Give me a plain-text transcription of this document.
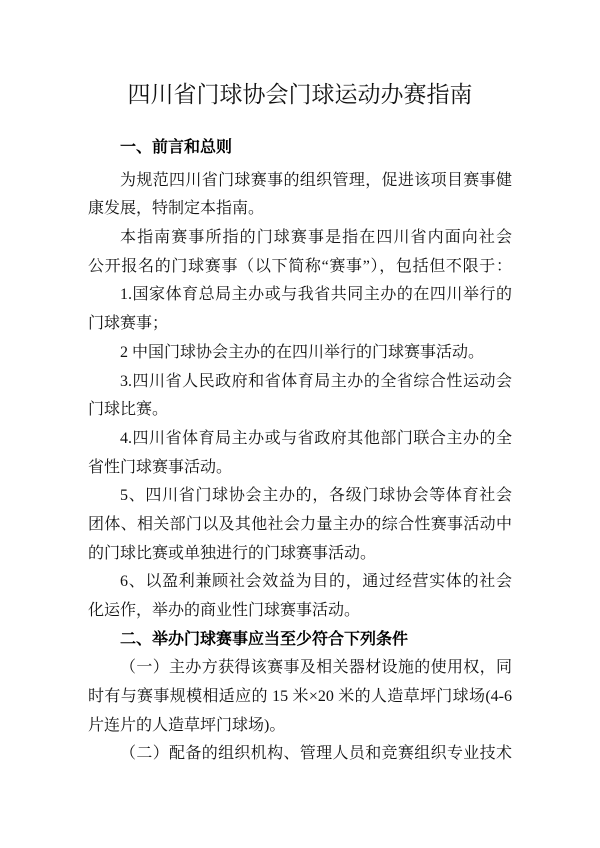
四川省门球协会门球运动办赛指南
一、前言和总则
为规范四川省门球赛事的组织管理，促进该项目赛事健
康发展，特制定本指南。
本指南赛事所指的门球赛事是指在四川省内面向社会
公开报名的门球赛事（以下简称“赛事”），包括但不限于：
1.国家体育总局主办或与我省共同主办的在四川举行的
门球赛事；
2 中国门球协会主办的在四川举行的门球赛事活动。
3.四川省人民政府和省体育局主办的全省综合性运动会
门球比赛。
4.四川省体育局主办或与省政府其他部门联合主办的全
省性门球赛事活动。
5、四川省门球协会主办的，各级门球协会等体育社会
团体、相关部门以及其他社会力量主办的综合性赛事活动中
的门球比赛或单独进行的门球赛事活动。
6、以盈利兼顾社会效益为目的，通过经营实体的社会
化运作，举办的商业性门球赛事活动。
二、举办门球赛事应当至少符合下列条件
（一）主办方获得该赛事及相关器材设施的使用权，同
时有与赛事规模相适应的 15 米×20 米的人造草坪门球场(4-6
片连片的人造草坪门球场)。
（二）配备的组织机构、管理人员和竞赛组织专业技术
